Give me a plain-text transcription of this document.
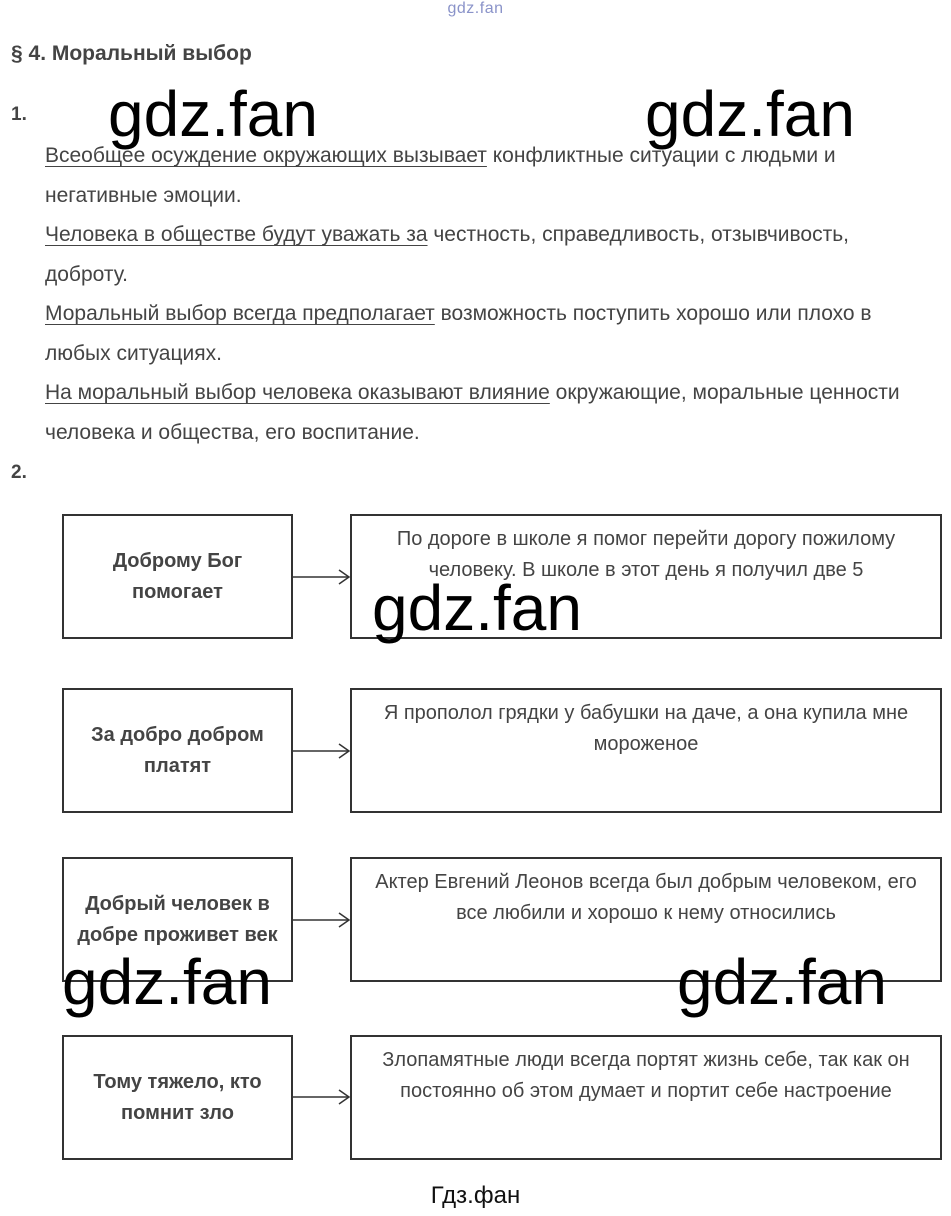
gdz.fan
§ 4. Моральный выбор
1.
Всеобщее осуждение окружающих вызывает конфликтные ситуации с людьми и негативные эмоции.
Человека в обществе будут уважать за честность, справедливость, отзывчивость, доброту.
Моральный выбор всегда предполагает возможность поступить хорошо или плохо в любых ситуациях.
На моральный выбор человека оказывают влияние окружающие, моральные ценности человека и общества, его воспитание.
2.
Доброму Бог помогает
По дороге в школе я помог перейти дорогу пожилому человеку. В школе в этот день я получил две 5
За добро добром платят
Я прополол грядки у бабушки на даче, а она купила мне мороженое
Добрый человек в добре проживет век
Актер Евгений Леонов всегда был добрым человеком, его все любили и хорошо к нему относились
Тому тяжело, кто помнит зло
Злопамятные люди всегда портят жизнь себе, так как он постоянно об этом думает и портит себе настроение
gdz.fan	gdz.fan
gdz.fan
gdz.fan	gdz.fan
Гдз.фан
